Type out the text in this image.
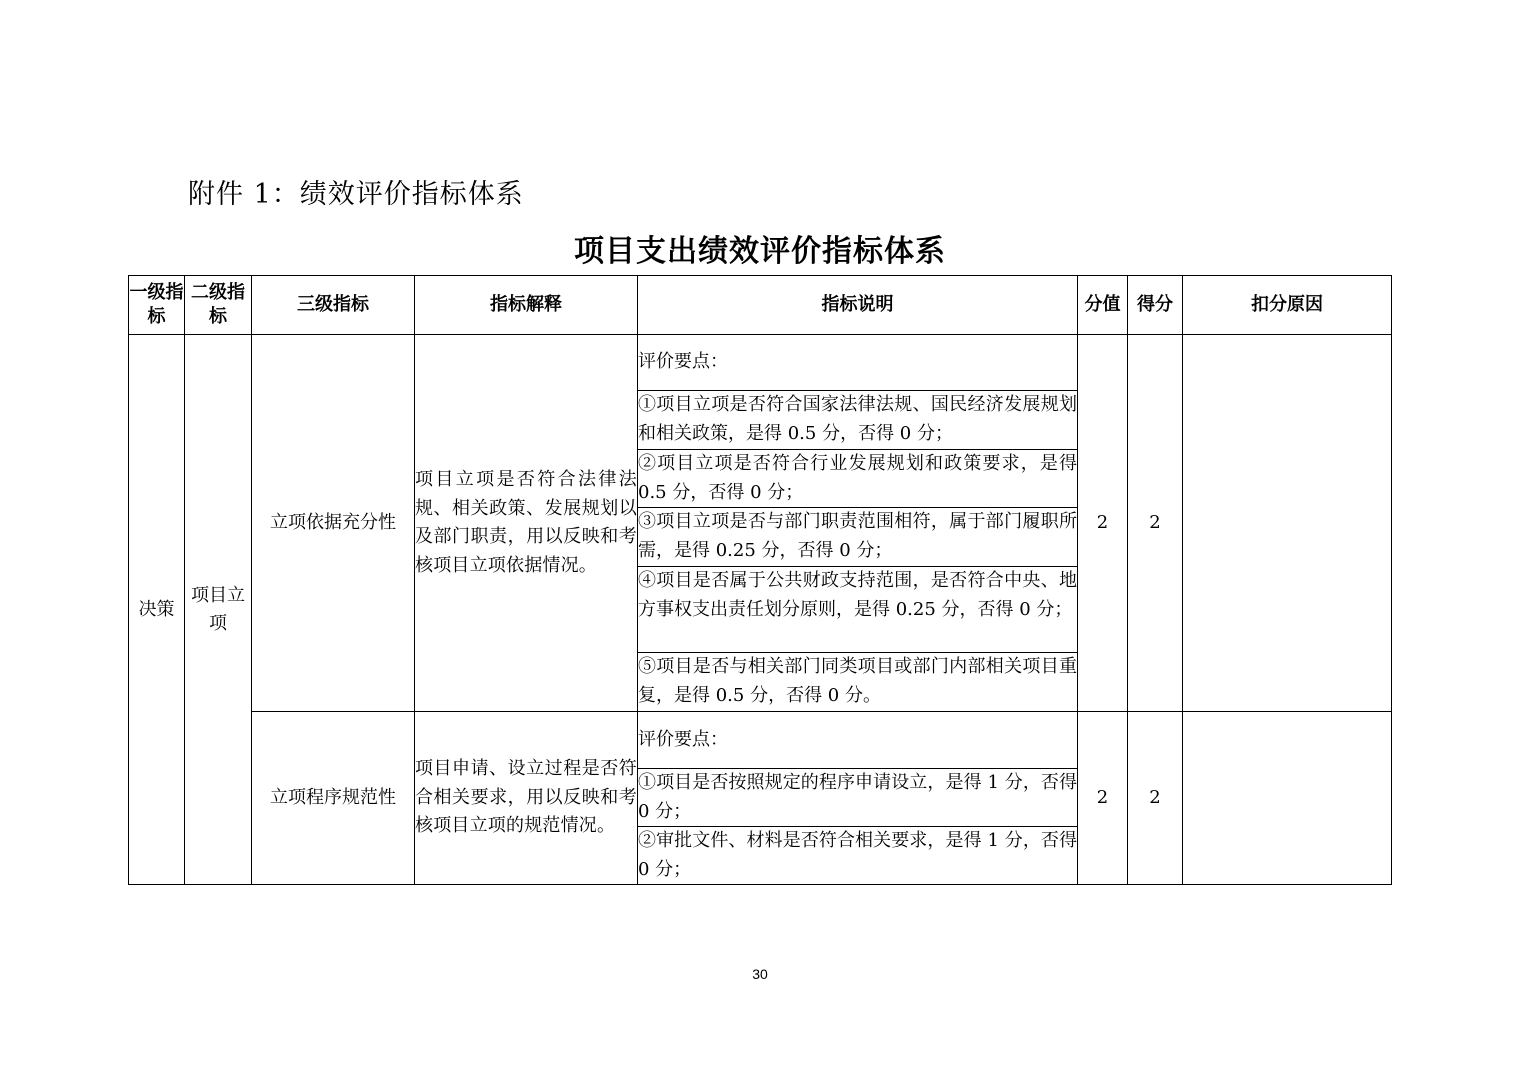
附件 1：绩效评价指标体系
项目支出绩效评价指标体系
一级指标	二级指标	三级指标	指标解释	指标说明	分值	得分	扣分原因
决策	项目立项	立项依据充分性	项目立项是否符合法律法规、相关政策、发展规划以及部门职责，用以反映和考核项目立项依据情况。	评价要点：	2	2	
				①项目立项是否符合国家法律法规、国民经济发展规划和相关政策，是得 0.5 分，否得 0 分；			
				②项目立项是否符合行业发展规划和政策要求，是得 0.5 分，否得 0 分；			
				③项目立项是否与部门职责范围相符，属于部门履职所需，是得 0.25 分，否得 0 分；			
				④项目是否属于公共财政支持范围，是否符合中央、地方事权支出责任划分原则，是得 0.25 分，否得 0 分；			
				⑤项目是否与相关部门同类项目或部门内部相关项目重复，是得 0.5 分，否得 0 分。			
		立项程序规范性	项目申请、设立过程是否符合相关要求，用以反映和考核项目立项的规范情况。	评价要点：	2	2	
				①项目是否按照规定的程序申请设立，是得 1 分，否得 0 分；			
				②审批文件、材料是否符合相关要求，是得 1 分，否得 0 分；			
30
